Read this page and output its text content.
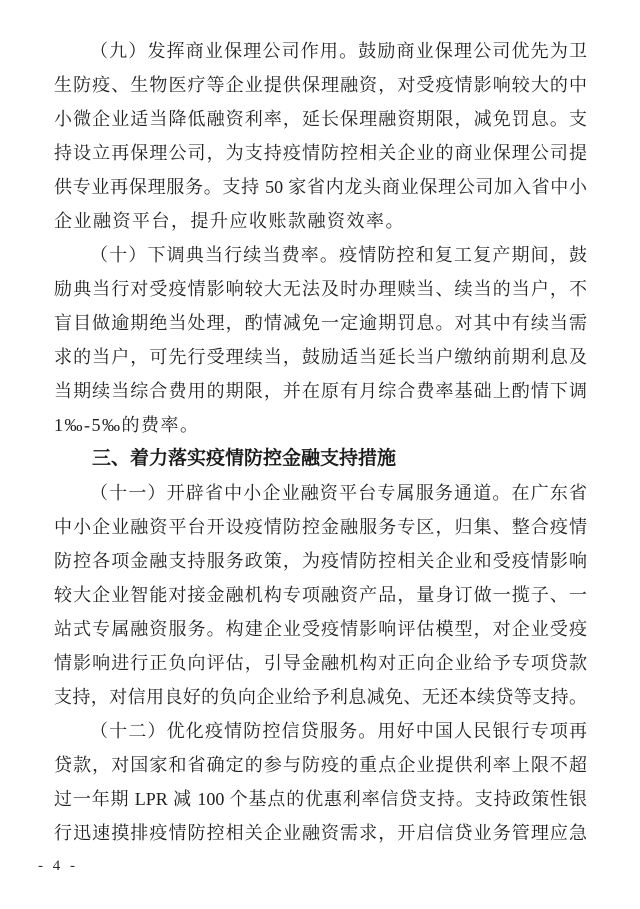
（九）发挥商业保理公司作用。鼓励商业保理公司优先为卫
生防疫、生物医疗等企业提供保理融资，对受疫情影响较大的中
小微企业适当降低融资利率，延长保理融资期限，减免罚息。支
持设立再保理公司，为支持疫情防控相关企业的商业保理公司提
供专业再保理服务。支持 50 家省内龙头商业保理公司加入省中小
企业融资平台，提升应收账款融资效率。
（十）下调典当行续当费率。疫情防控和复工复产期间，鼓
励典当行对受疫情影响较大无法及时办理赎当、续当的当户，不
盲目做逾期绝当处理，酌情减免一定逾期罚息。对其中有续当需
求的当户，可先行受理续当，鼓励适当延长当户缴纳前期利息及
当期续当综合费用的期限，并在原有月综合费率基础上酌情下调
1‰-5‰的费率。
三、着力落实疫情防控金融支持措施
（十一）开辟省中小企业融资平台专属服务通道。在广东省
中小企业融资平台开设疫情防控金融服务专区，归集、整合疫情
防控各项金融支持服务政策，为疫情防控相关企业和受疫情影响
较大企业智能对接金融机构专项融资产品，量身订做一揽子、一
站式专属融资服务。构建企业受疫情影响评估模型，对企业受疫
情影响进行正负向评估，引导金融机构对正向企业给予专项贷款
支持，对信用良好的负向企业给予利息减免、无还本续贷等支持。
（十二）优化疫情防控信贷服务。用好中国人民银行专项再
贷款，对国家和省确定的参与防疫的重点企业提供利率上限不超
过一年期 LPR 减 100 个基点的优惠利率信贷支持。支持政策性银
行迅速摸排疫情防控相关企业融资需求，开启信贷业务管理应急
- 4 -
